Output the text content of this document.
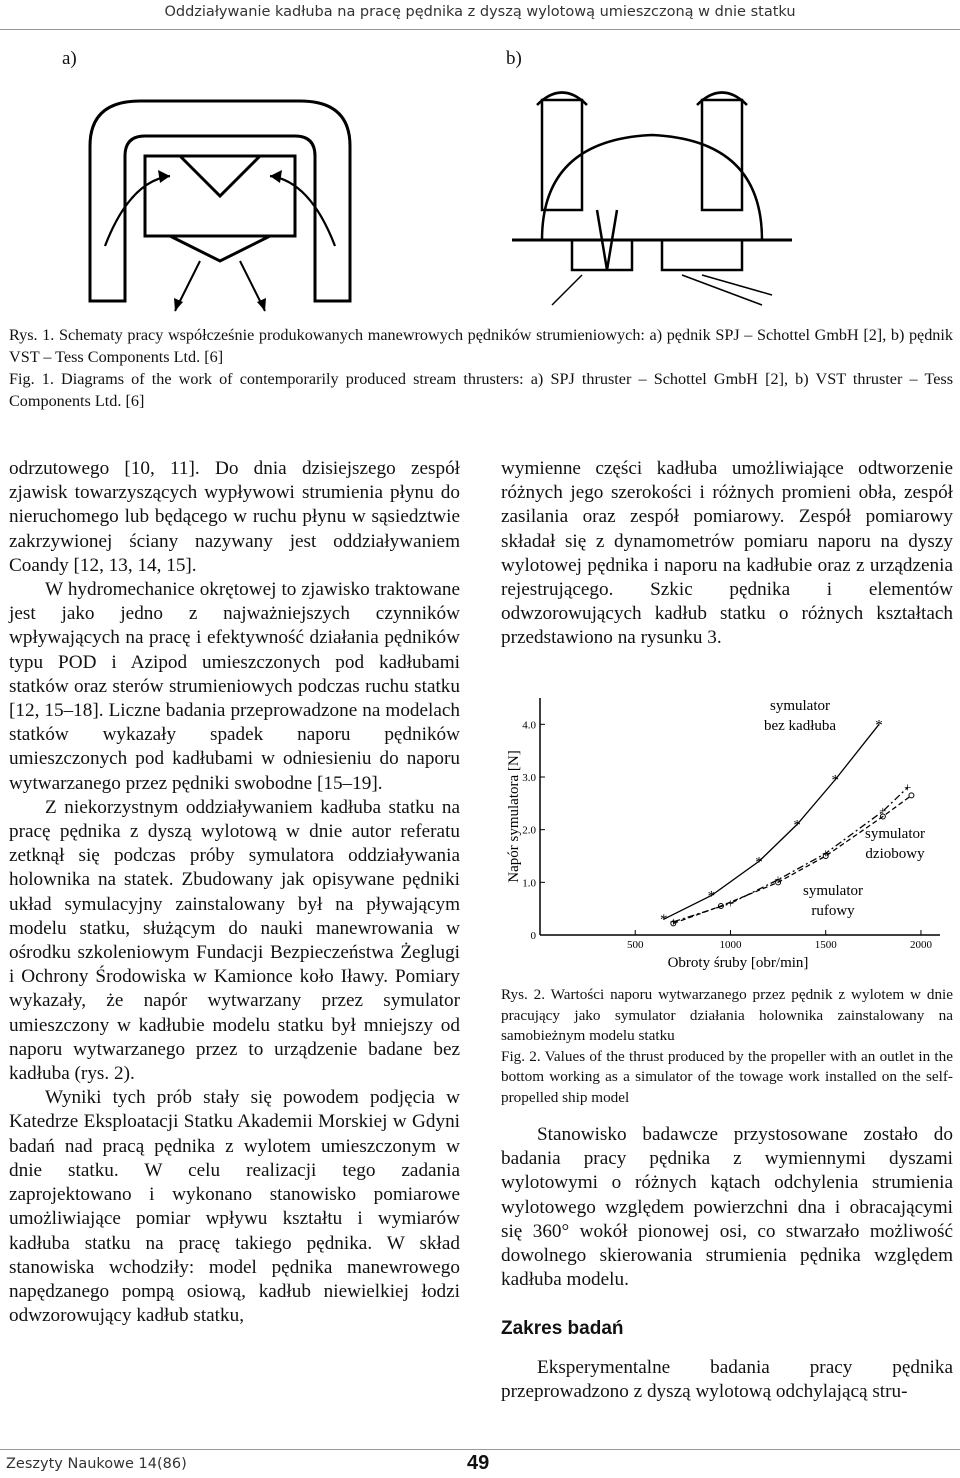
Oddziaływanie kadłuba na pracę pędnika z dyszą wylotową umieszczoną w dnie statku
a)	b)

Rys. 1. Schematy pracy współcześnie produkowanych manewrowych pędników strumieniowych: a) pędnik SPJ – Schottel GmbH [2], b) pędnik VST – Tess Components Ltd. [6]

Fig. 1. Diagrams of the work of contemporarily produced stream thrusters: a) SPJ thruster – Schottel GmbH [2], b) VST thruster – Tess Components Ltd. [6]

odrzutowego [10, 11]. Do dnia dzisiejszego zespół zjawisk towarzyszących wypływowi strumienia płynu do nieruchomego lub będącego w ruchu płynu w sąsiedztwie zakrzywionej ściany nazywany jest oddziaływaniem Coandy [12, 13, 14, 15].

W hydromechanice okrętowej to zjawisko traktowane jest jako jedno z najważniejszych czynników wpływających na pracę i efektywność działania pędników typu POD i Azipod umieszczonych pod kadłubami statków oraz sterów strumieniowych podczas ruchu statku [12, 15–18]. Liczne badania przeprowadzone na modelach statków wykazały spadek naporu pędników umieszczonych pod kadłubami w odniesieniu do naporu wytwarzanego przez pędniki swobodne [15–19].

Z niekorzystnym oddziaływaniem kadłuba statku na pracę pędnika z dyszą wylotową w dnie autor referatu zetknął się podczas próby symulatora oddziaływania holownika na statek. Zbudowany jak opisywane pędniki układ symulacyjny zainstalowany był na pływającym modelu statku, służącym do nauki manewrowania w ośrodku szkoleniowym Fundacji Bezpieczeństwa Żeglugi i Ochrony Środowiska w Kamionce koło Iławy. Pomiary wykazały, że napór wytwarzany przez symulator umieszczony w kadłubie modelu statku był mniejszy od naporu wytwarzanego przez to urządzenie badane bez kadłuba (rys. 2).

Wyniki tych prób stały się powodem podjęcia w Katedrze Eksploatacji Statku Akademii Morskiej w Gdyni badań nad pracą pędnika z wylotem umieszczonym w dnie statku. W celu realizacji tego zadania zaprojektowano i wykonano stanowisko pomiarowe umożliwiające pomiar wpływu kształtu i wymiarów kadłuba statku na pracę takiego pędnika. W skład stanowiska wchodziły: model pędnika manewrowego napędzanego pompą osiową, kadłub niewielkiej łodzi odwzorowujący kadłub statku,

wymienne części kadłuba umożliwiające odtworzenie różnych jego szerokości i różnych promieni obła, zespół zasilania oraz zespół pomiarowy. Zespół pomiarowy składał się z dynamometrów pomiaru naporu na dyszy wylotowej pędnika i naporu na kadłubie oraz z urządzenia rejestrującego. Szkic pędnika i elementów odwzorowujących kadłub statku o różnych kształtach przedstawiono na rysunku 3.

500	1000	1500	2000
0
1.0
2.0
3.0
4.0
Napór symulatora [N]
Obroty śruby [obr/min]
*
*
*
*
*
*
+
+
+
+
+
+
symulator
bez kadłuba
symulator
dziobowy
symulator
rufowy

Rys. 2. Wartości naporu wytwarzanego przez pędnik z wylotem w dnie pracujący jako symulator działania holownika zainstalowany na samobieżnym modelu statku

Fig. 2. Values of the thrust produced by the propeller with an outlet in the bottom working as a simulator of the towage work installed on the self-propelled ship model

Stanowisko badawcze przystosowane zostało do badania pracy pędnika z wymiennymi dyszami wylotowymi o różnych kątach odchylenia strumienia wylotowego względem powierzchni dna i obracającymi się 360° wokół pionowej osi, co stwarzało możliwość dowolnego skierowania strumienia pędnika względem kadłuba modelu.

Zakres badań

Eksperymentalne badania pracy pędnika przeprowadzono z dyszą wylotową odchylającą stru-

Zeszyty Naukowe 14(86)	49
